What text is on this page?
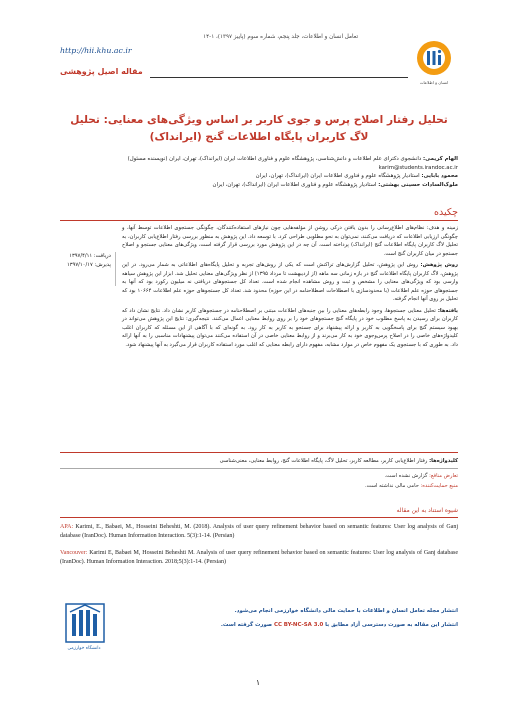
تعامل انسان و اطلاعات، جلد پنجم، شماره سوم (پاییز ۱۳۹۷)، ۱-۱۴
http://hii.khu.ac.ir
مقاله اصیل پژوهشی
انسان و اطلاعات
تحلیل رفتار اصلاح پرس و جوی کاربر بر اساس ویژگی‌های معنایی: تحلیل لاگ کاربران پایگاه اطلاعات گنج (ایرانداک)
الهام کریمی: دانشجوی دکترای علم اطلاعات و دانش‌شناسی، پژوهشگاه علوم و فناوری اطلاعات ایران (ایرانداک)، تهران، ایران (نویسنده مسئول)
karim@students.irandoc.ac.ir
محمود بابایی: استادیار پژوهشگاه علوم و فناوری اطلاعات ایران (ایرانداک)، تهران، ایران
ملوک‌السادات حسینی بهشتی: استادیار پژوهشگاه علوم و فناوری اطلاعات ایران (ایرانداک)، تهران، ایران
چکیده
دریافت: ۱۳۹۷/۴/۱۱
پذیرش: ۱۳۹۷/۱۰/۱۷

زمینه و هدف: نظام‌های اطلاع‌رسانی را بدون یافتن درکی روشن از مؤلفه‌هایی چون نیازهای استفاده‌کنندگان، چگونگی جستجوی اطلاعات توسط آنها، و چگونگی ارزیابی اطلاعات که دریافت می‌کنند، نمی‌توان به نحو مطلوبی طراحی کرد. با توسعه داد. این پژوهش به منظور بررسی رفتار اطلاع‌یابی کاربران، به تحلیل لاگ کاربران پایگاه اطلاعات گنج (ایرانداک) پرداخته است. آن چه در این پژوهش مورد بررسی قرار گرفته است، ویژگی‌های معنایی جستجو و اصلاح جستجو در میان کاربران گنج است.

روش پژوهش: روش این پژوهش، تحلیل گزارش‌های تراکنش است که یکی از روش‌های تجربه و تحلیل پایگاه‌های اطلاعاتی به شمار می‌رود. در این پژوهش، لاگ کاربران پایگاه اطلاعات گنج در بازه زمانی سه ماهه (از اردیبهشت تا مرداد ۱۳۹۵) از نظر ویژگی‌های معنایی تحلیل شد. ابزار این پژوهش سیاهه وارسی بود که ویژگی‌های معنایی را مشخص و ثبت و روش مشاهده انجام شده است. تعداد کل جستجوهای دریافتی نه میلیون رکورد بود که آنها به جستجوهای حوزه علم اطلاعات (با محدودسازی با اصطلاحات اصطلاحنامه در این حوزه) محدود شد. تعداد کل جستجوهای حوزه علم اطلاعات ۱۰۶۶۴ بود که تحلیل بر روی آنها انجام گرفته.

یافته‌ها: تحلیل معنایی جستجوها، وجود رابطه‌های معنایی را بین جنبه‌های اطلاعات مبتنی بر اصطلاحنامه در جستجوهای کاربر نشان داد. نتایج نشان داد که کاربران برای رسیدن به پاسخ مطلوب خود در پایگاه گنج جستجوهای خود را بر روی روابط معنایی اعمال می‌کنند. نتیجه‌گیری: نتایج این پژوهش می‌تواند در بهبود سیستم گنج برای پاسخگویی به کاربر و ارائه پیشنهاد برای جستجو به کاربر به کار رود. به گونه‌ای که با آگاهی از این مسئله که کاربران اغلب کلیدواژه‌های خاصی را در اصلاح پرس‌وجوی خود به کار می‌برند و از روابط معنایی خاصی در آن استفاده می‌کنند می‌توان پیشنهادات مناسبی را به آنها ارائه داد. به طوری که با جستجوی یک مفهوم خاص در موارد مشابه، مفهوم دارای رابطه معنایی که اغلب مورد استفاده کاربران قرار می‌گیرد به آنها پیشنهاد شود.

کلیدواژه‌ها: رفتار اطلاع‌یابی کاربر، مطالعه کاربر، تحلیل لاگ، پایگاه اطلاعات گنج، روابط معنایی، معنی‌شناسی
تعارض منافع: گزارش نشده است.
منبع حمایت‌کننده: حامی مالی نداشته است.
شیوه استناد به این مقاله
APA: Karimi, E., Babaei, M., Hosseini Beheshti, M. (2018). Analysis of user query refinement behavior based on semantic features: User log analysis of Ganj database (IranDoc). Human Information Interaction. 5(3):1-14. (Persian)
Vancouver: Karimi E, Babaei M, Hosseini Beheshti M. Analysis of user query refinement behavior based on semantic features: User log analysis of Ganj database (IranDoc). Human Information Interaction. 2018;5(3):1-14. (Persian)
دانشگاه خوارزمی
انتشار مجله تعامل انسان و اطلاعات با حمایت مالی دانشگاه خوارزمی انجام می‌شود.
انتشار این مقاله به صورت دسترسی آزاد مطابق با CC BY-NC-SA 3.0 صورت گرفته است.
۱
